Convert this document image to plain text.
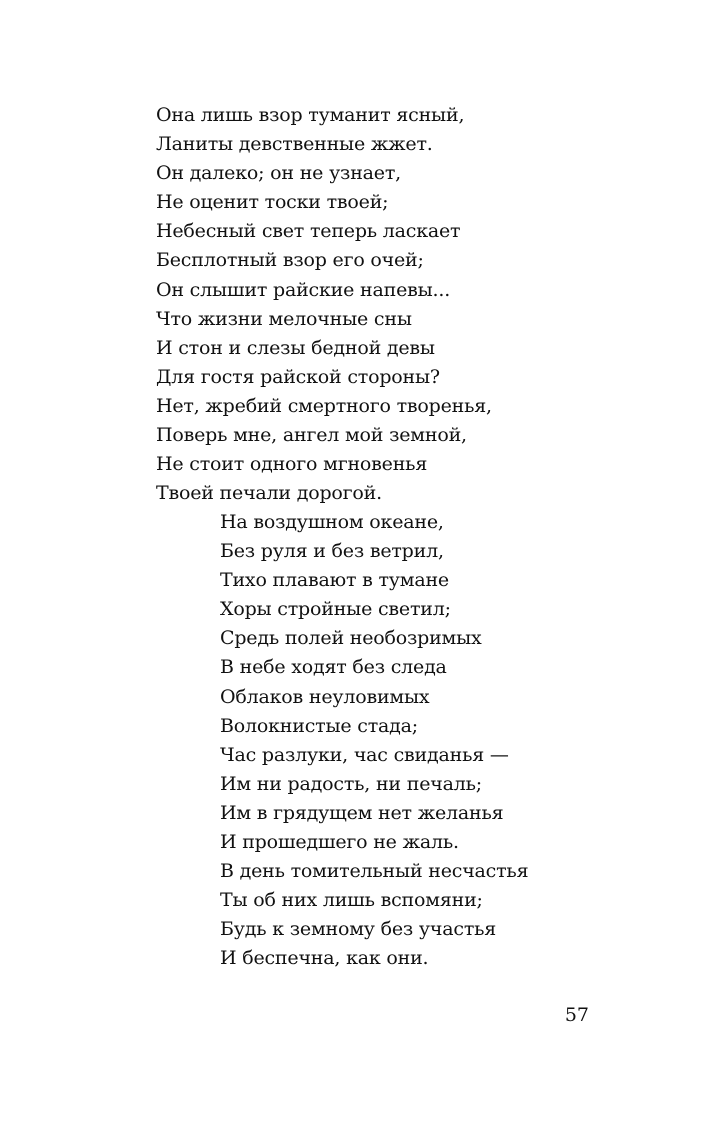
Она лишь взор туманит ясный,
Ланиты девственные жжет.
Он далеко; он не узнает,
Не оценит тоски твоей;
Небесный свет теперь ласкает
Бесплотный взор его очей;
Он слышит райские напевы...
Что жизни мелочные сны
И стон и слезы бедной девы
Для гостя райской стороны?
Нет, жребий смертного творенья,
Поверь мне, ангел мой земной,
Не стоит одного мгновенья
Твоей печали дорогой.
На воздушном океане,
Без руля и без ветрил,
Тихо плавают в тумане
Хоры стройные светил;
Средь полей необозримых
В небе ходят без следа
Облаков неуловимых
Волокнистые стада;
Час разлуки, час свиданья —
Им ни радость, ни печаль;
Им в грядущем нет желанья
И прошедшего не жаль.
В день томительный несчастья
Ты об них лишь вспомяни;
Будь к земному без участья
И беспечна, как они.
57
